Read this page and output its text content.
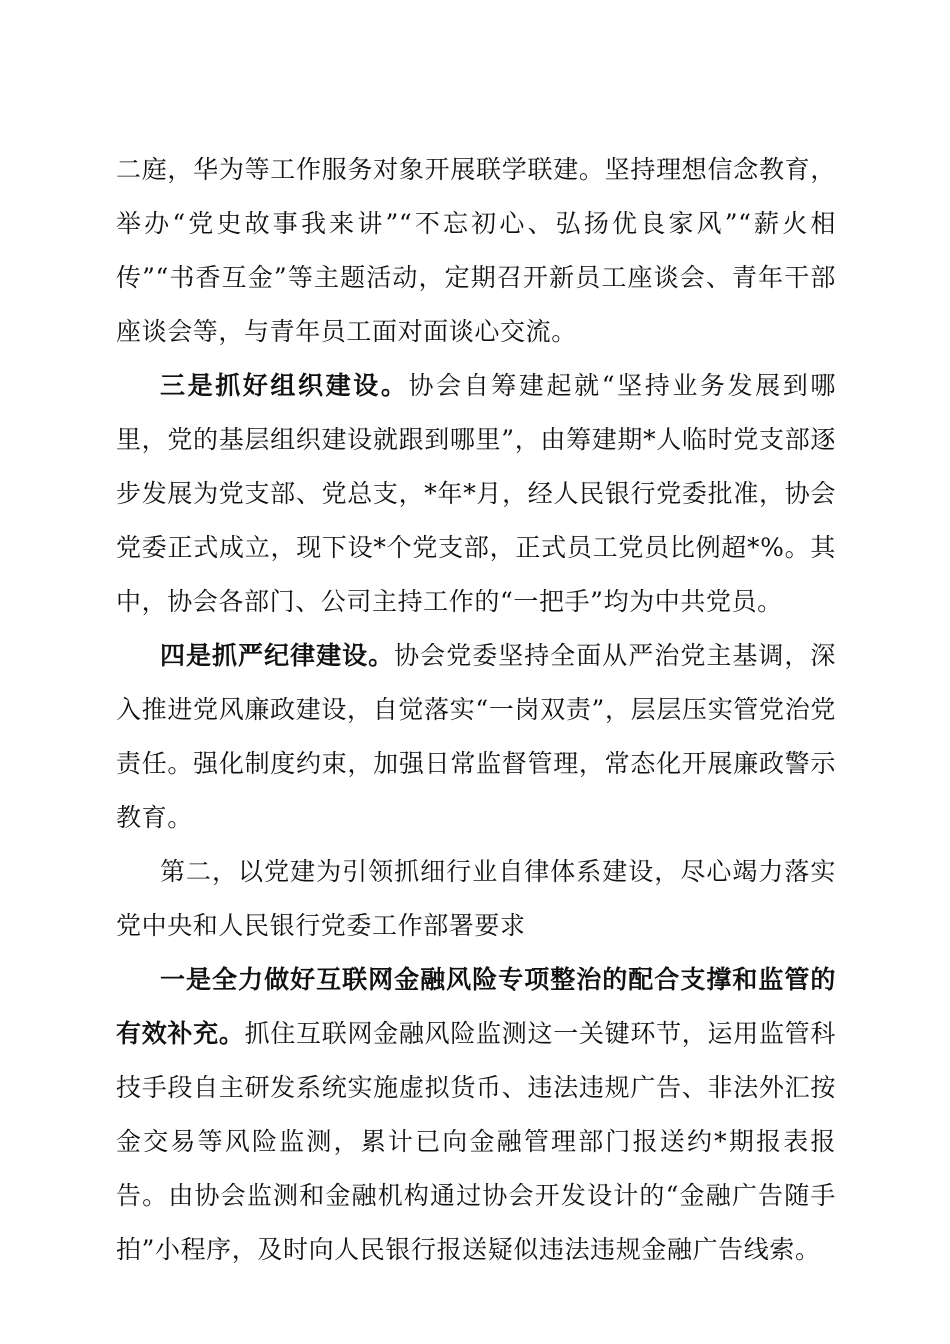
二庭，华为等工作服务对象开展联学联建。坚持理想信念教育，举办“党史故事我来讲”“不忘初心、弘扬优良家风”“薪火相传”“书香互金”等主题活动，定期召开新员工座谈会、青年干部座谈会等，与青年员工面对面谈心交流。

三是抓好组织建设。协会自筹建起就“坚持业务发展到哪里，党的基层组织建设就跟到哪里”，由筹建期*人临时党支部逐步发展为党支部、党总支，*年*月，经人民银行党委批准，协会党委正式成立，现下设*个党支部，正式员工党员比例超*%。其中，协会各部门、公司主持工作的“一把手”均为中共党员。

四是抓严纪律建设。协会党委坚持全面从严治党主基调，深入推进党风廉政建设，自觉落实“一岗双责”，层层压实管党治党责任。强化制度约束，加强日常监督管理，常态化开展廉政警示教育。

第二，以党建为引领抓细行业自律体系建设，尽心竭力落实党中央和人民银行党委工作部署要求

一是全力做好互联网金融风险专项整治的配合支撑和监管的有效补充。抓住互联网金融风险监测这一关键环节，运用监管科技手段自主研发系统实施虚拟货币、违法违规广告、非法外汇按金交易等风险监测，累计已向金融管理部门报送约*期报表报告。由协会监测和金融机构通过协会开发设计的“金融广告随手拍”小程序，及时向人民银行报送疑似违法违规金融广告线索。
